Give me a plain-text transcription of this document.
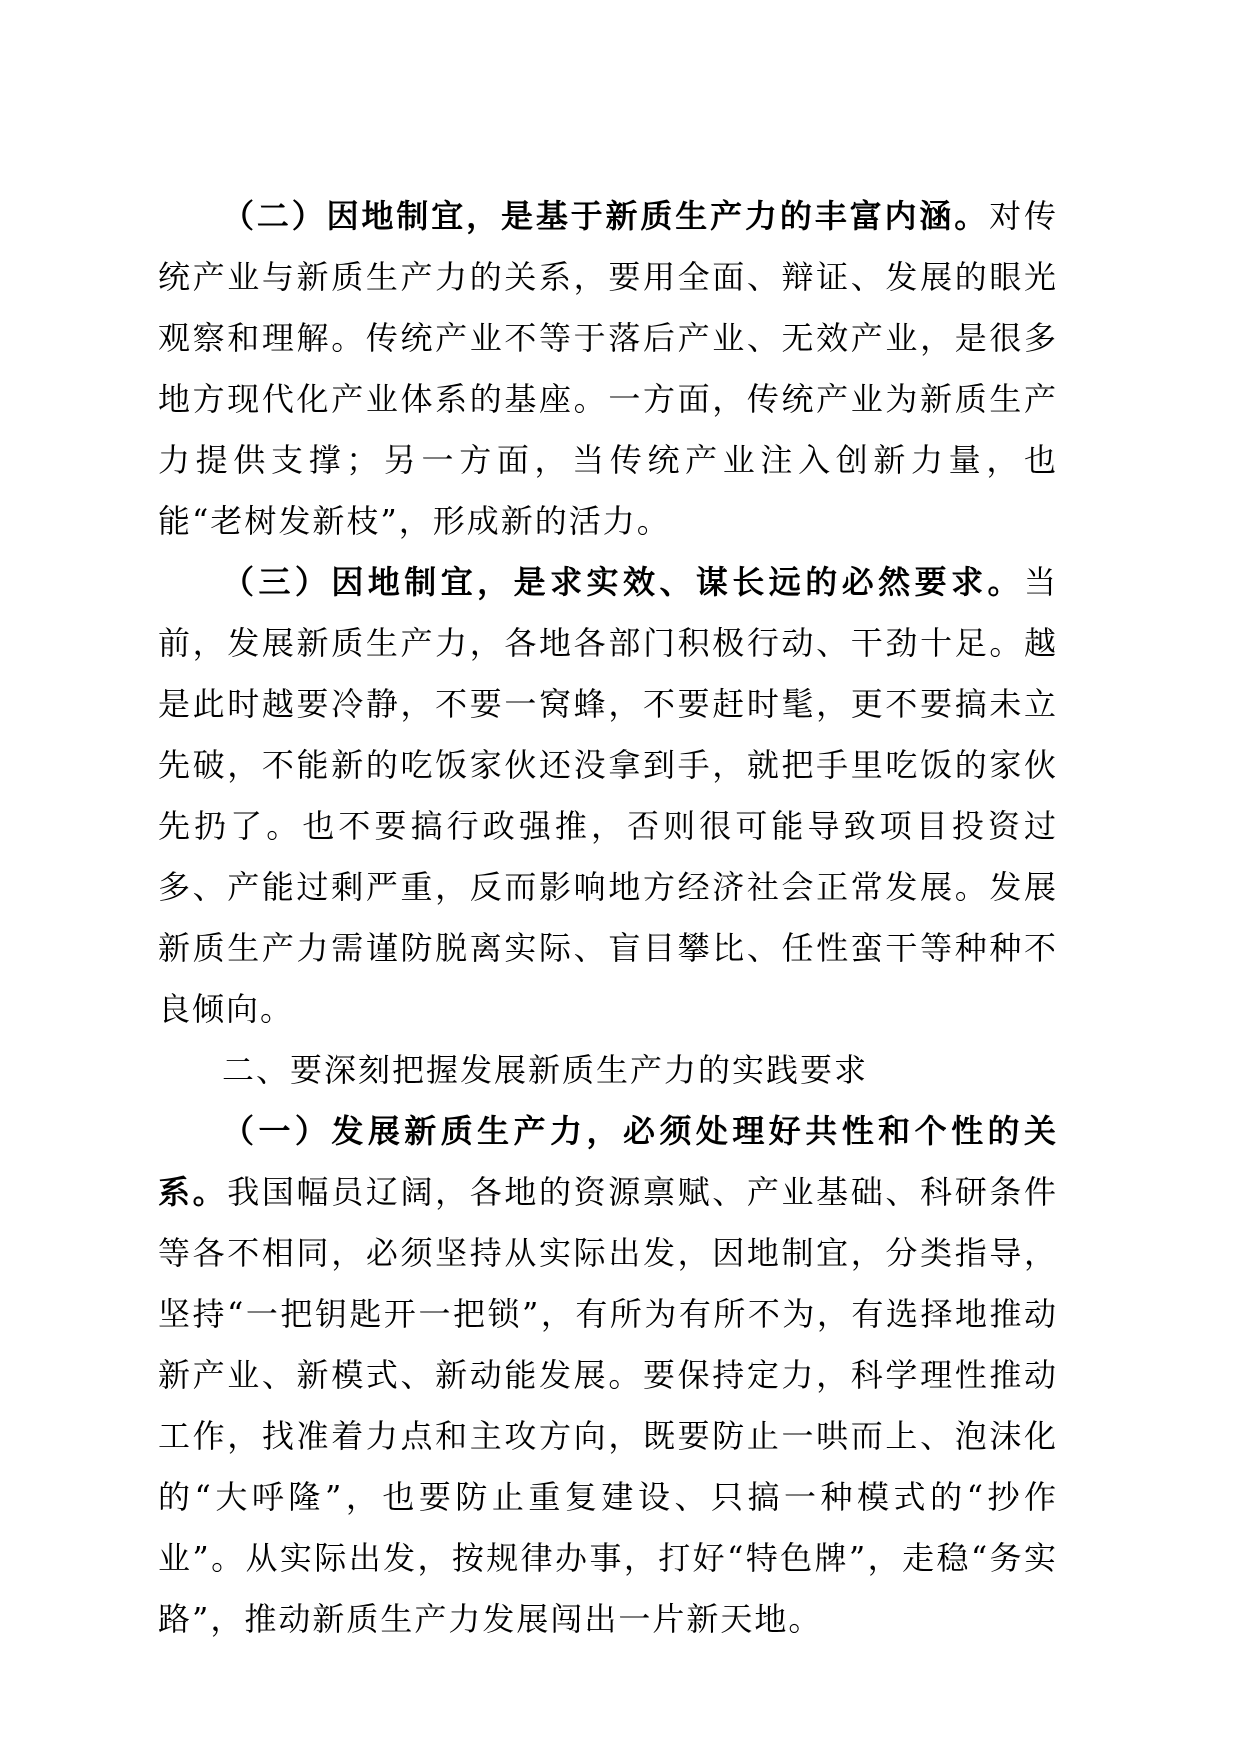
（二）因地制宜，是基于新质生产力的丰富内涵。对传统产业与新质生产力的关系，要用全面、辩证、发展的眼光观察和理解。传统产业不等于落后产业、无效产业，是很多地方现代化产业体系的基座。一方面，传统产业为新质生产力提供支撑；另一方面，当传统产业注入创新力量，也能“老树发新枝”，形成新的活力。

（三）因地制宜，是求实效、谋长远的必然要求。当前，发展新质生产力，各地各部门积极行动、干劲十足。越是此时越要冷静，不要一窝蜂，不要赶时髦，更不要搞未立先破，不能新的吃饭家伙还没拿到手，就把手里吃饭的家伙先扔了。也不要搞行政强推，否则很可能导致项目投资过多、产能过剩严重，反而影响地方经济社会正常发展。发展新质生产力需谨防脱离实际、盲目攀比、任性蛮干等种种不良倾向。

二、要深刻把握发展新质生产力的实践要求

（一）发展新质生产力，必须处理好共性和个性的关系。我国幅员辽阔，各地的资源禀赋、产业基础、科研条件等各不相同，必须坚持从实际出发，因地制宜，分类指导，坚持“一把钥匙开一把锁”，有所为有所不为，有选择地推动新产业、新模式、新动能发展。要保持定力，科学理性推动工作，找准着力点和主攻方向，既要防止一哄而上、泡沫化的“大呼隆”，也要防止重复建设、只搞一种模式的“抄作业”。从实际出发，按规律办事，打好“特色牌”，走稳“务实路”，推动新质生产力发展闯出一片新天地。
